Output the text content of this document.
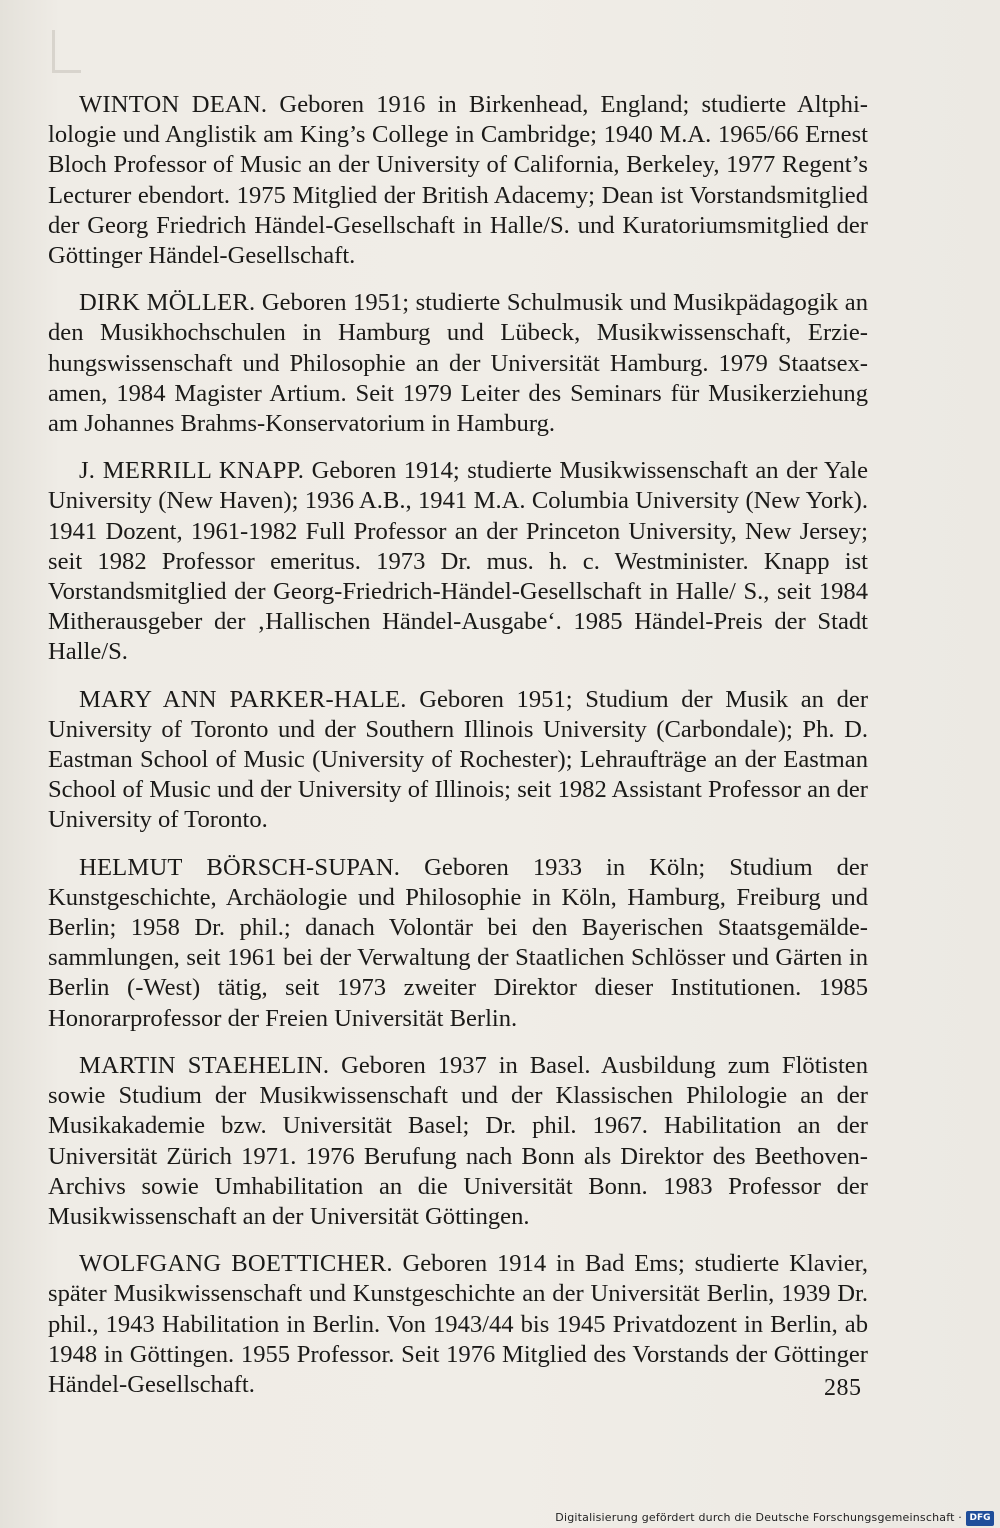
WINTON DEAN. Geboren 1916 in Birkenhead, England; studierte Altphilologie und Anglistik am King’s College in Cambridge; 1940 M.A. 1965/66 Ernest Bloch Professor of Music an der University of California, Berkeley, 1977 Regent’s Lecturer ebendort. 1975 Mitglied der British Adacemy; Dean ist Vorstandsmitglied der Georg Friedrich Händel-Gesellschaft in Halle/S. und Kuratoriumsmitglied der Göttinger Händel-Gesellschaft.

DIRK MÖLLER. Geboren 1951; studierte Schulmusik und Musikpädagogik an den Musikhochschulen in Hamburg und Lübeck, Musikwissenschaft, Erziehungswissenschaft und Philosophie an der Universität Hamburg. 1979 Staatsexamen, 1984 Magister Artium. Seit 1979 Leiter des Seminars für Musikerziehung am Johannes Brahms-Konservatorium in Hamburg.

J. MERRILL KNAPP. Geboren 1914; studierte Musikwissenschaft an der Yale University (New Haven); 1936 A.B., 1941 M.A. Columbia University (New York). 1941 Dozent, 1961-1982 Full Professor an der Princeton University, New Jersey; seit 1982 Professor emeritus. 1973 Dr. mus. h. c. Westminister. Knapp ist Vorstandsmitglied der Georg-Friedrich-Händel-Gesellschaft in Halle/ S., seit 1984 Mitherausgeber der ‚Hallischen Händel-Ausgabe‘. 1985 Händel-Preis der Stadt Halle/S.

MARY ANN PARKER-HALE. Geboren 1951; Studium der Musik an der University of Toronto und der Southern Illinois University (Carbondale); Ph. D. Eastman School of Music (University of Rochester); Lehraufträge an der Eastman School of Music und der University of Illinois; seit 1982 Assistant Professor an der University of Toronto.

HELMUT BÖRSCH-SUPAN. Geboren 1933 in Köln; Studium der Kunstgeschichte, Archäologie und Philosophie in Köln, Hamburg, Freiburg und Berlin; 1958 Dr. phil.; danach Volontär bei den Bayerischen Staatsgemäldesammlungen, seit 1961 bei der Verwaltung der Staatlichen Schlösser und Gärten in Berlin (-West) tätig, seit 1973 zweiter Direktor dieser Institutionen. 1985 Honorarprofessor der Freien Universität Berlin.

MARTIN STAEHELIN. Geboren 1937 in Basel. Ausbildung zum Flötisten sowie Studium der Musikwissenschaft und der Klassischen Philologie an der Musikakademie bzw. Universität Basel; Dr. phil. 1967. Habilitation an der Universität Zürich 1971. 1976 Berufung nach Bonn als Direktor des Beethoven-Archivs sowie Umhabilitation an die Universität Bonn. 1983 Professor der Musikwissenschaft an der Universität Göttingen.

WOLFGANG BOETTICHER. Geboren 1914 in Bad Ems; studierte Klavier, später Musikwissenschaft und Kunstgeschichte an der Universität Berlin, 1939 Dr. phil., 1943 Habilitation in Berlin. Von 1943/44 bis 1945 Privatdozent in Berlin, ab 1948 in Göttingen. 1955 Professor. Seit 1976 Mitglied des Vorstands der Göttinger Händel-Gesellschaft.	285
Digitalisierung gefördert durch die Deutsche Forschungsgemeinschaft · DFG
